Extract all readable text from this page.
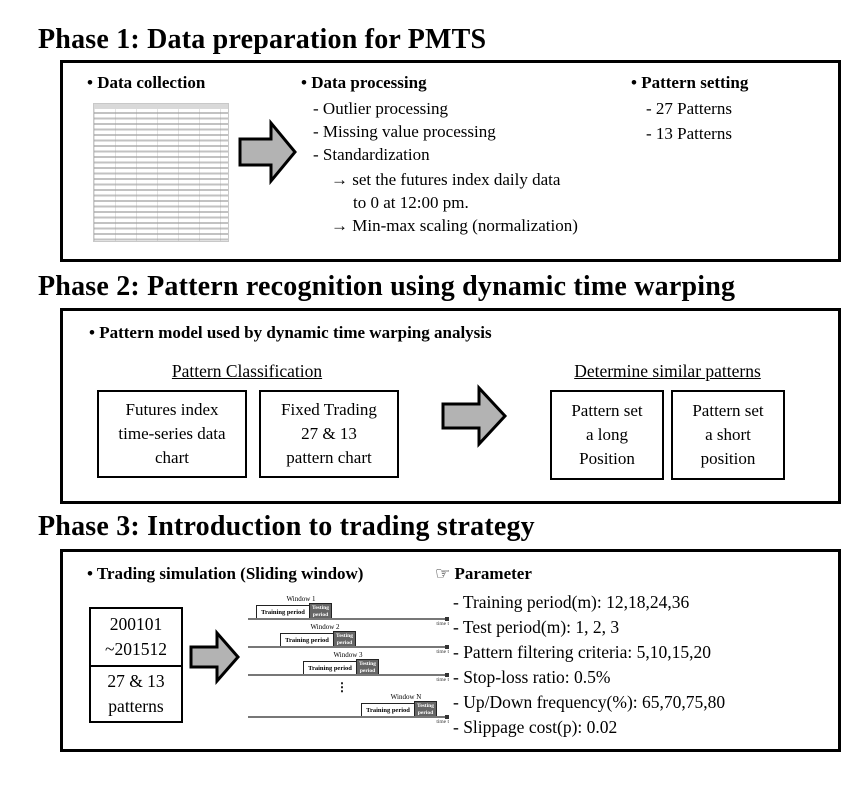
Phase 1: Data preparation for PMTS
• Data collection	• Data processing
- Outlier processing
- Missing value processing
- Standardization
→ set the futures index daily data
to 0 at 12:00 pm.
→ Min-max scaling (normalization)
• Pattern setting
- 27 Patterns
- 13 Patterns
Phase 2: Pattern recognition using dynamic time warping
• Pattern model used by dynamic time warping analysis
Pattern Classification
Futures index
time-series data
chart
Fixed Trading
27 & 13
pattern chart
Determine similar patterns
Pattern set
a long
Position
Pattern set
a short
position
Phase 3: Introduction to trading strategy
• Trading simulation (Sliding window)	☞ Parameter
- Training period(m): 12,18,24,36
- Test period(m): 1, 2, 3
- Pattern filtering criteria: 5,10,15,20
- Stop-loss ratio: 0.5%
- Up/Down frequency(%): 65,70,75,80
- Slippage cost(p): 0.02
200101
~201512
27 & 13
patterns
Window 1
Training period
Testing period
time t
Window 2
Training period
Testing period
time t
Window 3
Training period
Testing period
time t
⋮
Window N
Training period
Testing period
time t
